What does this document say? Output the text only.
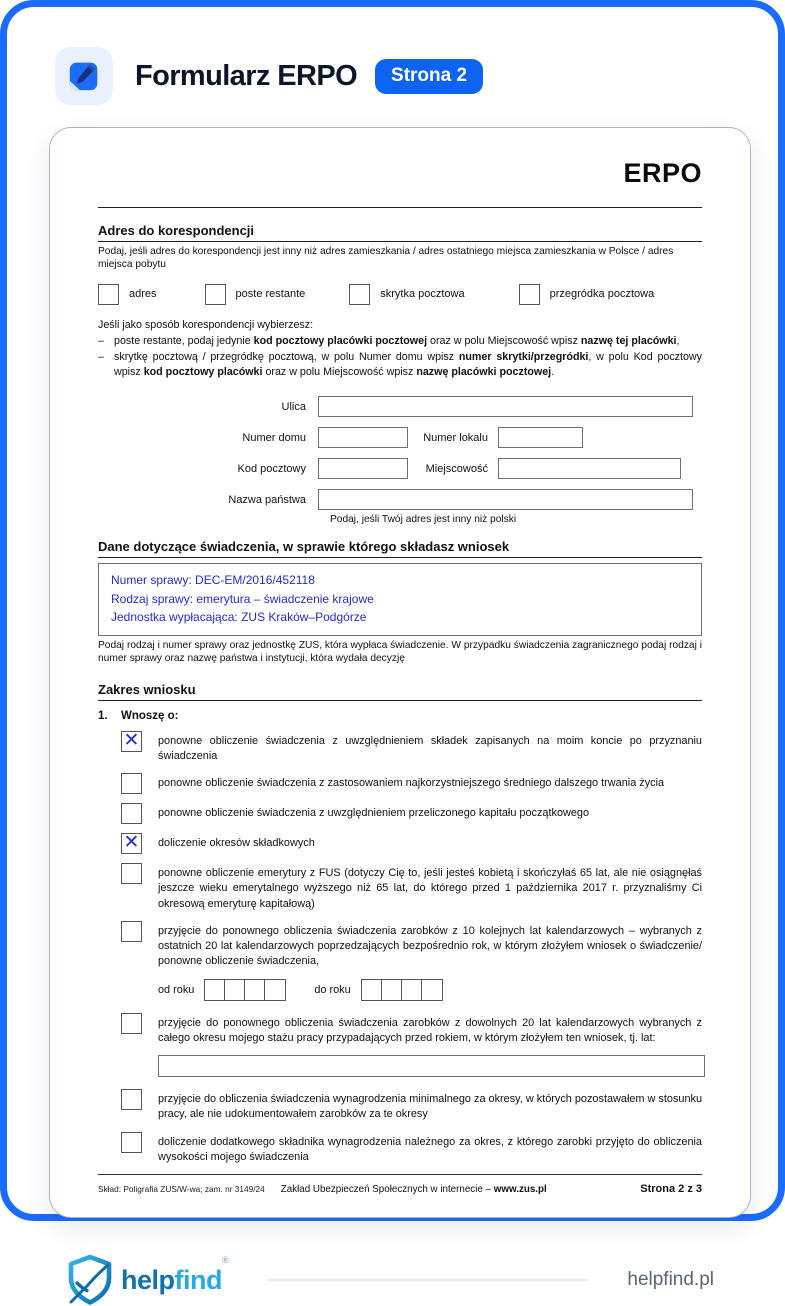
Formularz ERPO	Strona 2
ERPO
Adres do korespondencji
Podaj, jeśli adres do korespondencji jest inny niż adres zamieszkania / adres ostatniego miejsca zamieszkania w Polsce / adres miejsca pobytu
adres	poste restante	skrytka pocztowa	przegródka pocztowa
Jeśli jako sposób korespondencji wybierzesz:
– poste restante, podaj jedynie kod pocztowy placówki pocztowej oraz w polu Miejscowość wpisz nazwę tej placówki,
– skrytkę pocztową / przegródkę pocztową, w polu Numer domu wpisz numer skrytki/przegródki, w polu Kod pocztowy wpisz kod pocztowy placówki oraz w polu Miejscowość wpisz nazwę placówki pocztowej.
Ulica
Numer domu	Numer lokalu
Kod pocztowy	Miejscowość
Nazwa państwa
Podaj, jeśli Twój adres jest inny niż polski
Dane dotyczące świadczenia, w sprawie którego składasz wniosek
Numer sprawy: DEC-EM/2016/452118
Rodzaj sprawy: emerytura – świadczenie krajowe
Jednostka wypłacająca: ZUS Kraków–Podgórze
Podaj rodzaj i numer sprawy oraz jednostkę ZUS, która wypłaca świadczenie. W przypadku świadczenia zagranicznego podaj rodzaj i numer sprawy oraz nazwę państwa i instytucji, która wydała decyzję
Zakres wniosku
1.	Wnoszę o:
✕
ponowne obliczenie świadczenia z uwzględnieniem składek zapisanych na moim koncie po przyznaniu świadczenia
ponowne obliczenie świadczenia z zastosowaniem najkorzystniejszego średniego dalszego trwania życia
ponowne obliczenie świadczenia z uwzględnieniem przeliczonego kapitału początkowego
✕
doliczenie okresów składkowych
ponowne obliczenie emerytury z FUS (dotyczy Cię to, jeśli jesteś kobietą i skończyłaś 65 lat, ale nie osiągnęłaś jeszcze wieku emerytalnego wyższego niż 65 lat, do którego przed 1 października 2017 r. przyznaliśmy Ci okresową emeryturę kapitałową)
przyjęcie do ponownego obliczenia świadczenia zarobków z 10 kolejnych lat kalendarzowych – wybranych z ostatnich 20 lat kalendarzowych poprzedzających bezpośrednio rok, w którym złożyłem wniosek o świadczenie/ ponowne obliczenie świadczenia,
od roku	do roku
przyjęcie do ponownego obliczenia świadczenia zarobków z dowolnych 20 lat kalendarzowych wybranych z całego okresu mojego stażu pracy przypadających przed rokiem, w którym złożyłem ten wniosek, tj. lat:
przyjęcie do obliczenia świadczenia wynagrodzenia minimalnego za okresy, w których pozostawałem w stosunku pracy, ale nie udokumentowałem zarobków za te okresy
doliczenie dodatkowego składnika wynagrodzenia należnego za okres, z którego zarobki przyjęto do obliczenia wysokości mojego świadczenia
Skład: Poligrafia ZUS/W-wa; zam. nr 3149/24 Zakład Ubezpieczeń Społecznych w internecie – www.zus.pl	Strona 2 z 3
helpfind®
helpfind.pl
